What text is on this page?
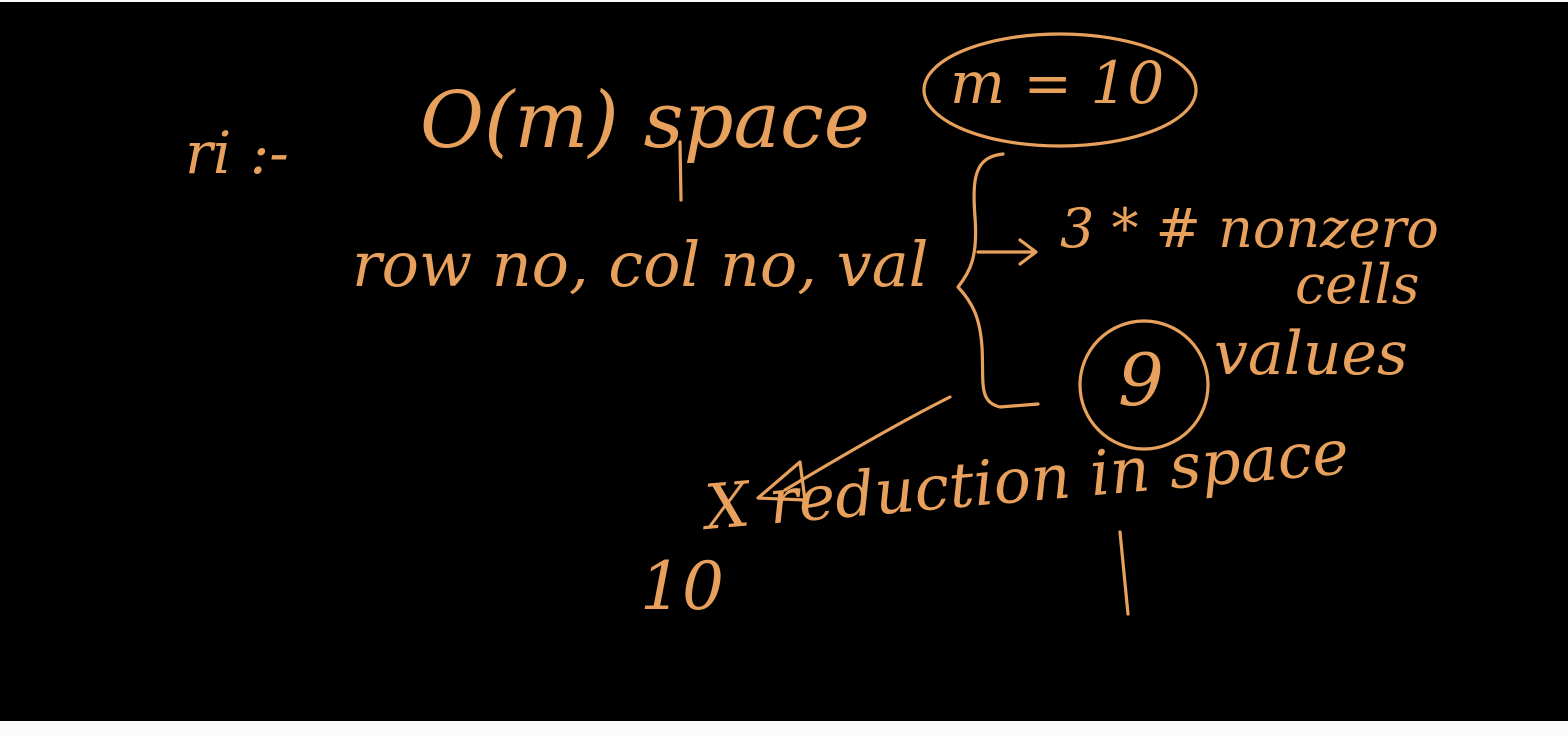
ri :- O(m) space m = 10
row no, col no, val 3 * # nonzero
cells
9 values
10
X reduction in space
